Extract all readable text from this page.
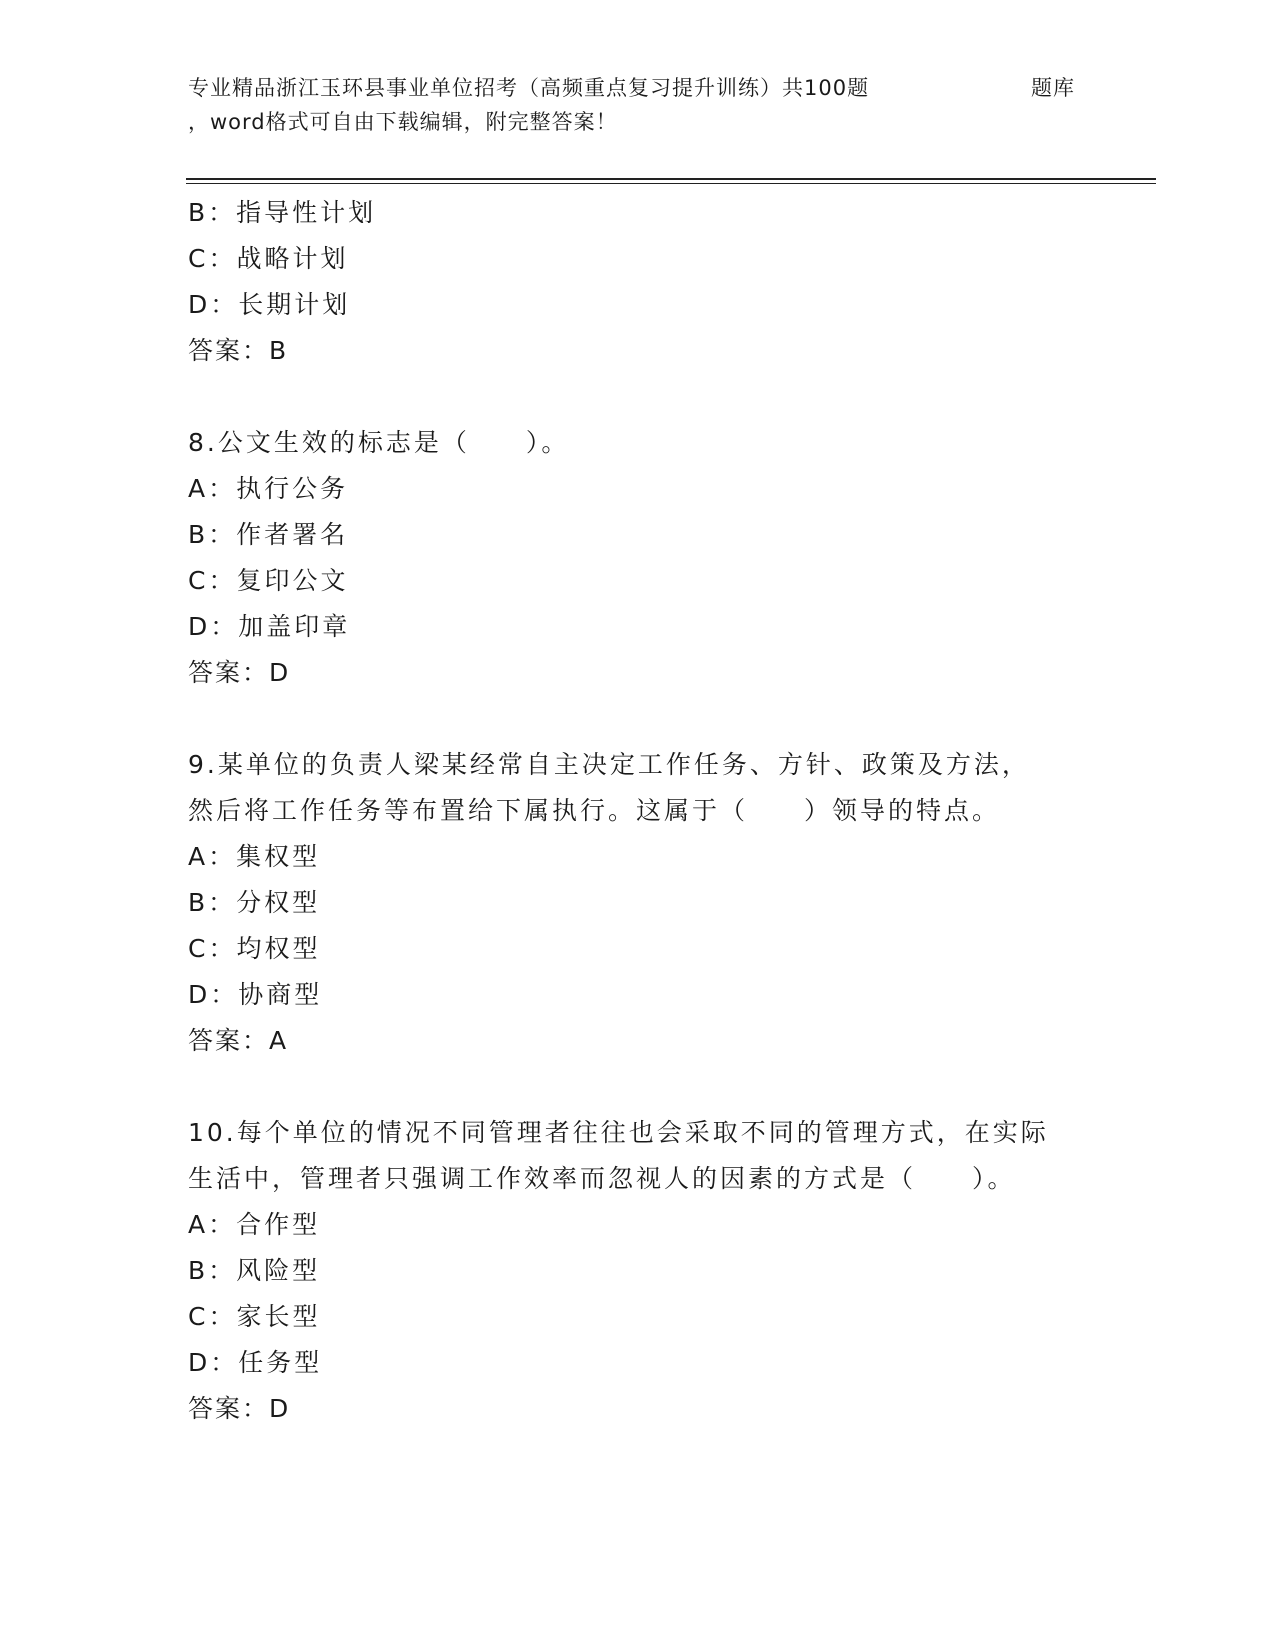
专业精品浙江玉环县事业单位招考（高频重点复习提升训练）共100题	题库
，word格式可自由下载编辑，附完整答案！
B：指导性计划
C：战略计划
D：长期计划
答案：B
8.公文生效的标志是（　　）。
A：执行公务
B：作者署名
C：复印公文
D：加盖印章
答案：D
9.某单位的负责人梁某经常自主决定工作任务、方针、政策及方法，
然后将工作任务等布置给下属执行。这属于（　　）领导的特点。
A：集权型
B：分权型
C：均权型
D：协商型
答案：A
10.每个单位的情况不同管理者往往也会采取不同的管理方式，在实际
生活中，管理者只强调工作效率而忽视人的因素的方式是（　　）。
A：合作型
B：风险型
C：家长型
D：任务型
答案：D
